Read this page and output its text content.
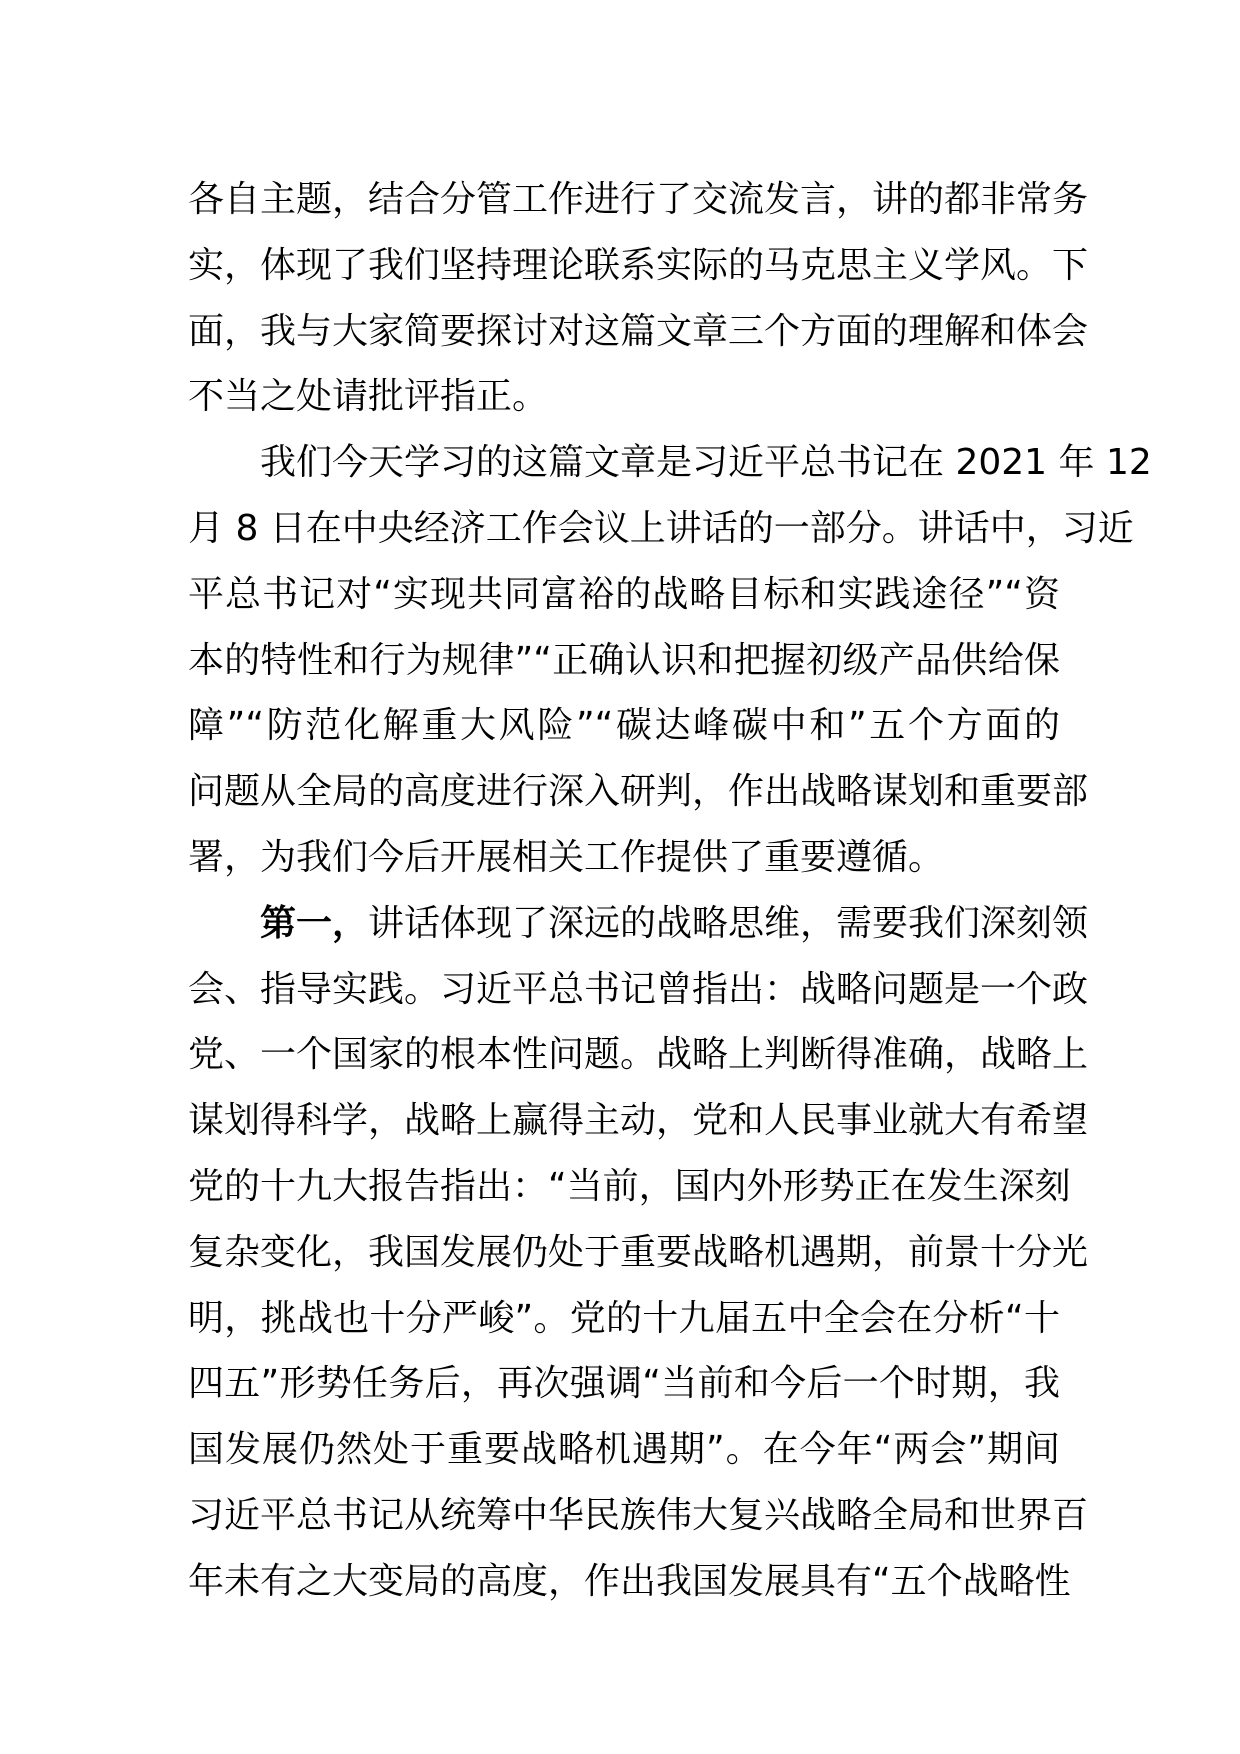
各自主题，结合分管工作进行了交流发言，讲的都非常务
实，体现了我们坚持理论联系实际的马克思主义学风。下
面，我与大家简要探讨对这篇文章三个方面的理解和体会
不当之处请批评指正。
我们今天学习的这篇文章是习近平总书记在 2021 年 12
月 8 日在中央经济工作会议上讲话的一部分。讲话中，习近
平总书记对“实现共同富裕的战略目标和实践途径”“资
本的特性和行为规律”“正确认识和把握初级产品供给保
障”“防范化解重大风险”“碳达峰碳中和”五个方面的
问题从全局的高度进行深入研判，作出战略谋划和重要部
署，为我们今后开展相关工作提供了重要遵循。
第一，讲话体现了深远的战略思维，需要我们深刻领
会、指导实践。习近平总书记曾指出：战略问题是一个政
党、一个国家的根本性问题。战略上判断得准确，战略上
谋划得科学，战略上赢得主动，党和人民事业就大有希望
党的十九大报告指出：“当前，国内外形势正在发生深刻
复杂变化，我国发展仍处于重要战略机遇期，前景十分光
明，挑战也十分严峻”。党的十九届五中全会在分析“十
四五”形势任务后，再次强调“当前和今后一个时期，我
国发展仍然处于重要战略机遇期”。在今年“两会”期间
习近平总书记从统筹中华民族伟大复兴战略全局和世界百
年未有之大变局的高度，作出我国发展具有“五个战略性
